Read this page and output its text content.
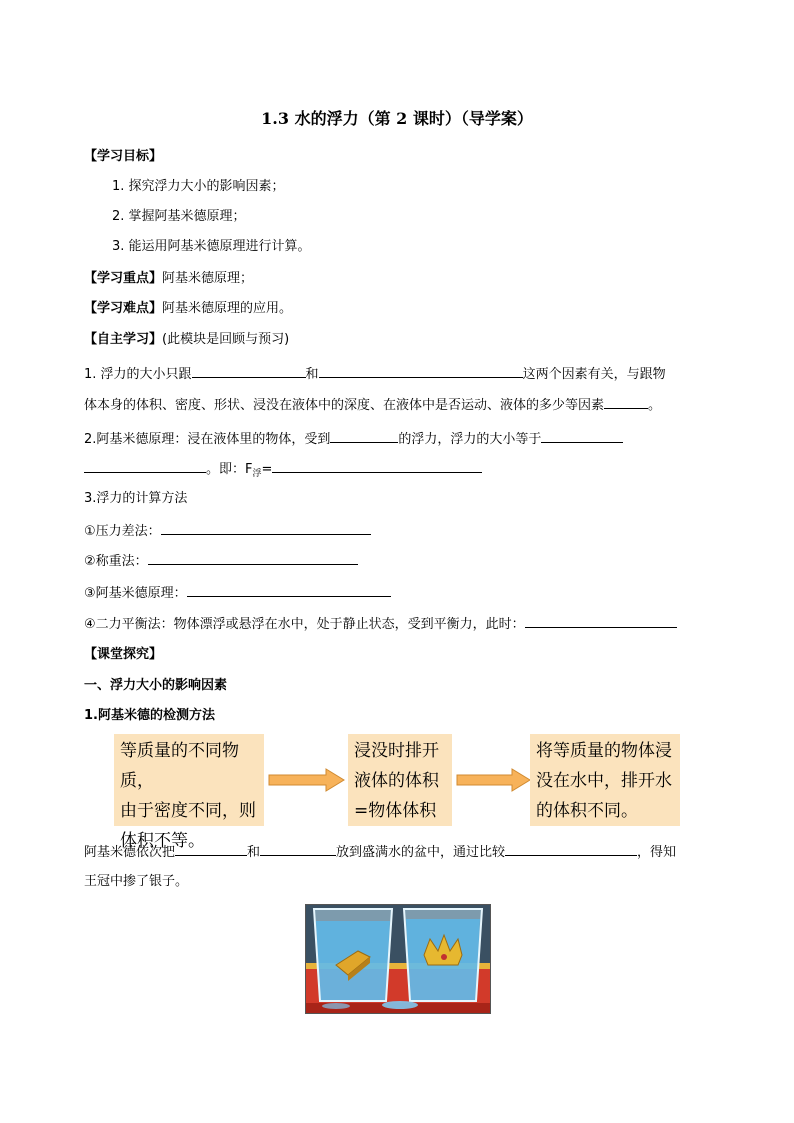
1.3 水的浮力（第 2 课时）（导学案）
【学习目标】
1. 探究浮力大小的影响因素；
2. 掌握阿基米德原理；
3. 能运用阿基米德原理进行计算。
【学习重点】阿基米德原理；
【学习难点】阿基米德原理的应用。
【自主学习】(此模块是回顾与预习)
1. 浮力的大小只跟	和	这两个因素有关，与跟物
体本身的体积、密度、形状、浸没在液体中的深度、在液体中是否运动、液体的多少等因素	。
2.阿基米德原理：浸在液体里的物体，受到	的浮力，浮力的大小等于
。即：$F_浮=$
3.浮力的计算方法
①压力差法：
②称重法：
③阿基米德原理：
④二力平衡法：物体漂浮或悬浮在水中，处于静止状态，受到平衡力，此时：
【课堂探究】
一、浮力大小的影响因素
1.阿基米德的检测方法
等质量的不同物质，
由于密度不同，则
体积不等。
浸没时排开
液体的体积
=物体体积
将等质量的物体浸
没在水中，排开水
的体积不同。
阿基米德依次把	和	放到盛满水的盆中，通过比较	，得知
王冠中掺了银子。
